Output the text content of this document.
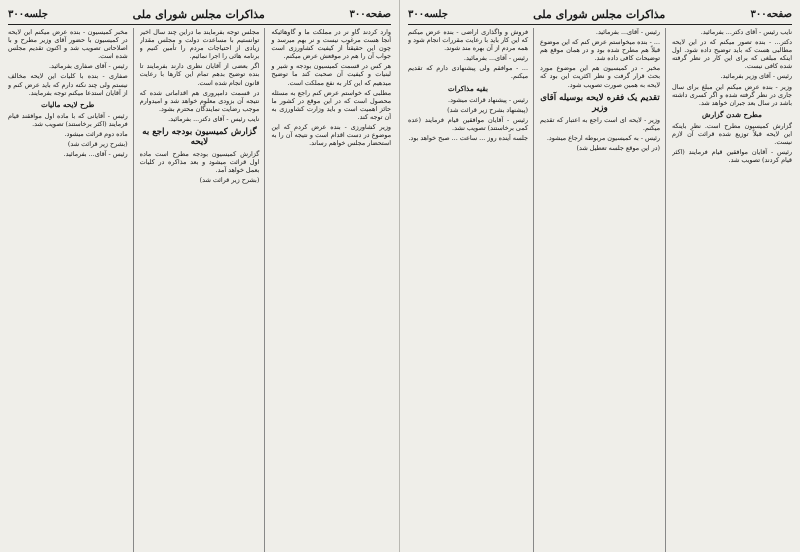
صفحه٣٠٠
مذاکرات مجلس شورای ملی
جلسه٣٠٠

وارد کردند گاو نر در مملکت ما و گاوهائیکه آنجا هست مرغوب نیست و نر بهم میرسد و چون این حقیقتاً از کیفیت کشاورزی است جواب آن را هم در موقعش عرض میکنم.

هر کس در قسمت کمیسیون بودجه و شیر و لبنیات و کیفیت آن صحبت کند ما توضیح میدهیم که این کار به نفع مملکت است.

مطلبی که خواستم عرض کنم راجع به مسئله محصول است که در این موقع در کشور ما حائز اهمیت است و باید وزارت کشاورزی به آن توجه کند.

وزیر کشاورزی - بنده عرض کردم که این موضوع در دست اقدام است و نتیجه آن را به استحضار مجلس خواهم رساند.

مجلس توجه بفرمایند ما دراین چند سال اخیر توانستیم با مساعدت دولت و مجلس مقدار زیادی از احتیاجات مردم را تأمین کنیم و برنامه هائی را اجرا نمائیم.

اگر بعضی از آقایان نظری دارند بفرمایند تا بنده توضیح بدهم تمام این کارها با رعایت قانون انجام شده است.

در قسمت دامپروری هم اقداماتی شده که نتیجه آن بزودی معلوم خواهد شد و امیدوارم موجب رضایت نمایندگان محترم بشود.

نایب رئیس - آقای دکتر... بفرمائید.

گزارش کمیسیون بودجه راجع به لایحه

گزارش کمیسیون بودجه مطرح است ماده اول قرائت میشود و بعد مذاکره در کلیات بعمل خواهد آمد.

(بشرح زیر قرائت شد)

مخبر کمیسیون - بنده عرض میکنم این لایحه در کمیسیون با حضور آقای وزیر مطرح و با اصلاحاتی تصویب شد و اکنون تقدیم مجلس شده است.

رئیس - آقای صفاری بفرمائید.

صفاری - بنده با کلیات این لایحه مخالف نیستم ولی چند نکته دارم که باید عرض کنم و از آقایان استدعا میکنم توجه بفرمایند.

طرح لایحه مالیات

رئیس - آقایانی که با ماده اول موافقند قیام فرمایند (اکثر برخاستند) تصویب شد.

ماده دوم قرائت میشود.

(بشرح زیر قرائت شد)

رئیس - آقای... بفرمائید.

صفحه٣٠٠
مذاکرات مجلس شورای ملی
جلسه٣٠٠

نایب رئیس - آقای دکتر... بفرمائید.

دکتر... - بنده تصور میکنم که در این لایحه مطالبی هست که باید توضیح داده شود. اول اینکه مبلغی که برای این کار در نظر گرفته شده کافی نیست.

رئیس - آقای وزیر بفرمائید.

وزیر - بنده عرض میکنم این مبلغ برای سال جاری در نظر گرفته شده و اگر کسری داشته باشد در سال بعد جبران خواهد شد.

مطرح شدن گزارش

گزارش کمیسیون مطرح است. نظر باینکه این لایحه قبلاً توزیع شده قرائت آن لازم نیست.

رئیس - آقایان موافقین قیام فرمایند (اکثر قیام کردند) تصویب شد.

رئیس - آقای... بفرمائید.

... - بنده میخواستم عرض کنم که این موضوع قبلاً هم مطرح شده بود و در همان موقع هم توضیحات کافی داده شد.

مخبر - در کمیسیون هم این موضوع مورد بحث قرار گرفت و نظر اکثریت این بود که لایحه به همین صورت تصویب شود.

تقدیم یک فقره لایحه بوسیله آقای وزیر

وزیر - لایحه ای است راجع به اعتبار که تقدیم میکنم.

رئیس - به کمیسیون مربوطه ارجاع میشود.

(در این موقع جلسه تعطیل شد)

فروش و واگذاری اراضی - بنده عرض میکنم که این کار باید با رعایت مقررات انجام شود و همه مردم از آن بهره مند شوند.

رئیس - آقای... بفرمائید.

... - موافقم ولی پیشنهادی دارم که تقدیم میکنم.

بقیه مذاکرات

رئیس - پیشنهاد قرائت میشود.

(پیشنهاد بشرح زیر قرائت شد)

رئیس - آقایان موافقین قیام فرمایند (عده کمی برخاستند) تصویب نشد.

جلسه آینده روز ... ساعت ... صبح خواهد بود.
